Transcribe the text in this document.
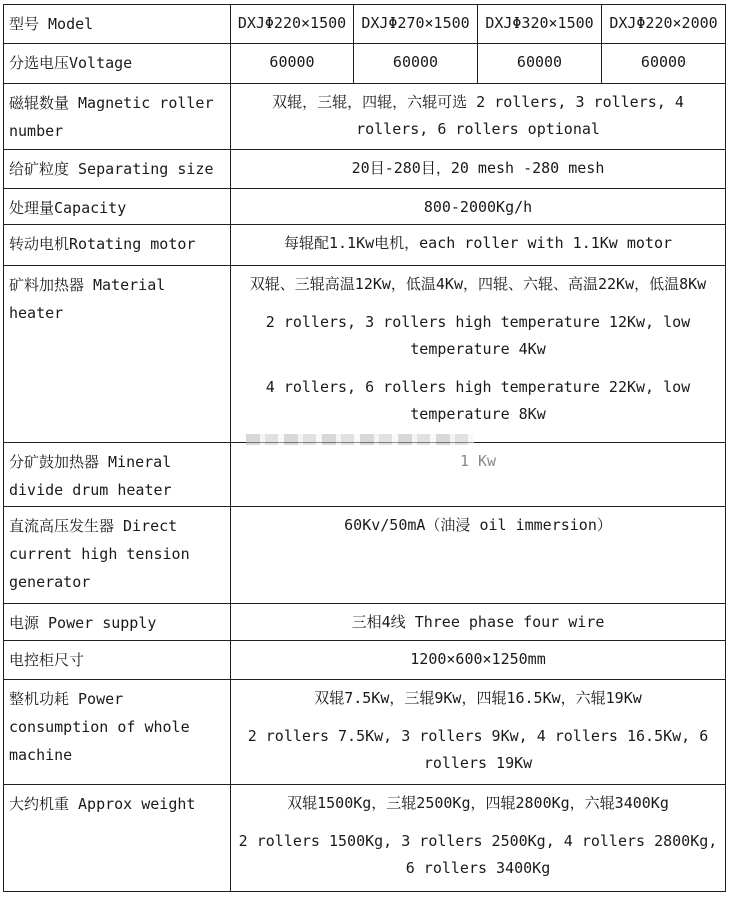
型号 Model	DXJΦ220×1500	DXJΦ270×1500	DXJΦ320×1500	DXJΦ220×2000
分选电压Voltage	60000	60000	60000	60000
磁辊数量 Magnetic roller number	双辊，三辊，四辊，六辊可选 2 rollers, 3 rollers, 4 rollers, 6 rollers optional			

给矿粒度 Separating size	20目-280目，20 mesh -280 mesh			

处理量Capacity	800-2000Kg/h			

转动电机Rotating motor	每辊配1.1Kw电机，each roller with 1.1Kw motor			

矿料加热器 Material heater	双辊、三辊高温12Kw，低温4Kw，四辊、六辊、高温22Kw，低温8Kw

2 rollers, 3 rollers high temperature 12Kw, low temperature 4Kw

4 rollers, 6 rollers high temperature 22Kw, low temperature 8Kw			

分矿鼓加热器 Mineral divide drum heater	1 Kw			

直流高压发生器 Direct current high tension generator	60Kv/50mA（油浸 oil immersion）			

电源 Power supply	三相4线 Three phase four wire			

电控柜尺寸	1200×600×1250mm			

整机功耗 Power consumption of whole machine	双辊7.5Kw，三辊9Kw，四辊16.5Kw，六辊19Kw

2 rollers 7.5Kw, 3 rollers 9Kw, 4 rollers 16.5Kw, 6 rollers 19Kw			

大约机重 Approx weight	双辊1500Kg，三辊2500Kg，四辊2800Kg，六辊3400Kg

2 rollers 1500Kg, 3 rollers 2500Kg, 4 rollers 2800Kg, 6 rollers 3400Kg			
